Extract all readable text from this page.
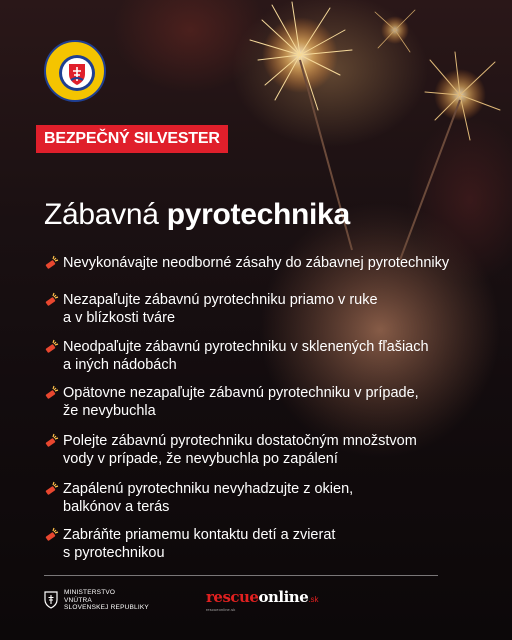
BEZPEČNÝ SILVESTER
Zábavná pyrotechnika
Nevykonávajte neodborné zásahy do zábavnej pyrotechniky
Nezapaľujte zábavnú pyrotechniku priamo v ruke
a v blízkosti tváre
Neodpaľujte zábavnú pyrotechniku v sklenených fľašiach
a iných nádobách
Opätovne nezapaľujte zábavnú pyrotechniku v prípade,
že nevybuchla
Polejte zábavnú pyrotechniku dostatočným množstvom
vody v prípade, že nevybuchla po zapálení
Zapálenú pyrotechniku nevyhadzujte z okien,
balkónov a terás
Zabráňte priamemu kontaktu detí a zvierat
s pyrotechnikou
MINISTERSTVO
VNÚTRA
SLOVENSKEJ REPUBLIKY
rescueonline.sk
rescueonline.sk
